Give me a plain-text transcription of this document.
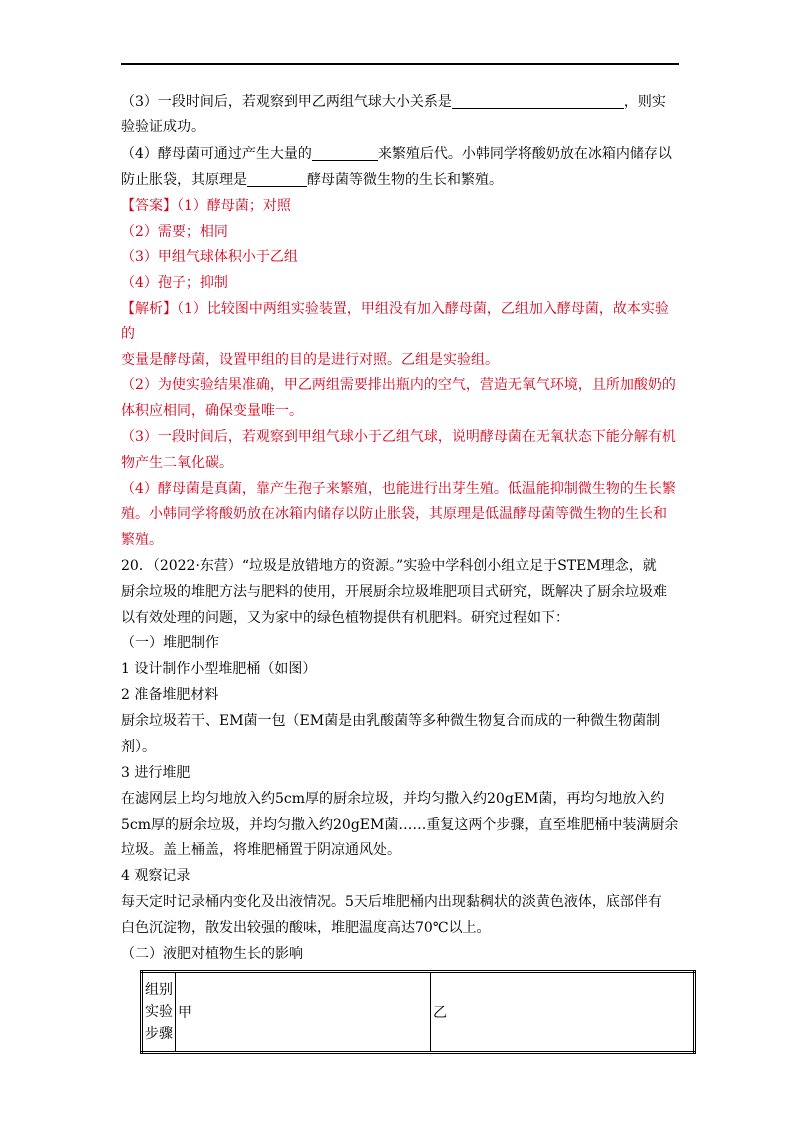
（3）一段时间后，若观察到甲乙两组气球大小关系是	，则实
验验证成功。
（4）酵母菌可通过产生大量的	来繁殖后代。小韩同学将酸奶放在冰箱内储存以
防止胀袋，其原理是	酵母菌等微生物的生长和繁殖。
【答案】（1）酵母菌；对照
（2）需要；相同
（3）甲组气球体积小于乙组
（4）孢子；抑制
【解析】（1）比较图中两组实验装置，甲组没有加入酵母菌，乙组加入酵母菌，故本实验
的
变量是酵母菌，设置甲组的目的是进行对照。乙组是实验组。
（2）为使实验结果准确，甲乙两组需要排出瓶内的空气，营造无氧气环境，且所加酸奶的
体积应相同，确保变量唯一。
（3）一段时间后，若观察到甲组气球小于乙组气球，说明酵母菌在无氧状态下能分解有机
物产生二氧化碳。
（4）酵母菌是真菌，靠产生孢子来繁殖，也能进行出芽生殖。低温能抑制微生物的生长繁
殖。小韩同学将酸奶放在冰箱内储存以防止胀袋，其原理是低温酵母菌等微生物的生长和
繁殖。
20．（2022·东营）“垃圾是放错地方的资源。”实验中学科创小组立足于STEM理念，就
厨余垃圾的堆肥方法与肥料的使用，开展厨余垃圾堆肥项目式研究，既解决了厨余垃圾难
以有效处理的问题，又为家中的绿色植物提供有机肥料。研究过程如下：
（一）堆肥制作
1 设计制作小型堆肥桶（如图）
2 准备堆肥材料
厨余垃圾若干、EM菌一包（EM菌是由乳酸菌等多种微生物复合而成的一种微生物菌制
剂）。
3 进行堆肥
在滤网层上均匀地放入约5cm厚的厨余垃圾，并均匀撒入约20gEM菌，再均匀地放入约
5cm厚的厨余垃圾，并均匀撒入约20gEM菌……重复这两个步骤，直至堆肥桶中装满厨余
垃圾。盖上桶盖，将堆肥桶置于阴凉通风处。
4 观察记录
每天定时记录桶内变化及出液情况。5天后堆肥桶内出现黏稠状的淡黄色液体，底部伴有
白色沉淀物，散发出较强的酸味，堆肥温度高达70℃以上。
（二）液肥对植物生长的影响
组别实验步骤	甲	乙
